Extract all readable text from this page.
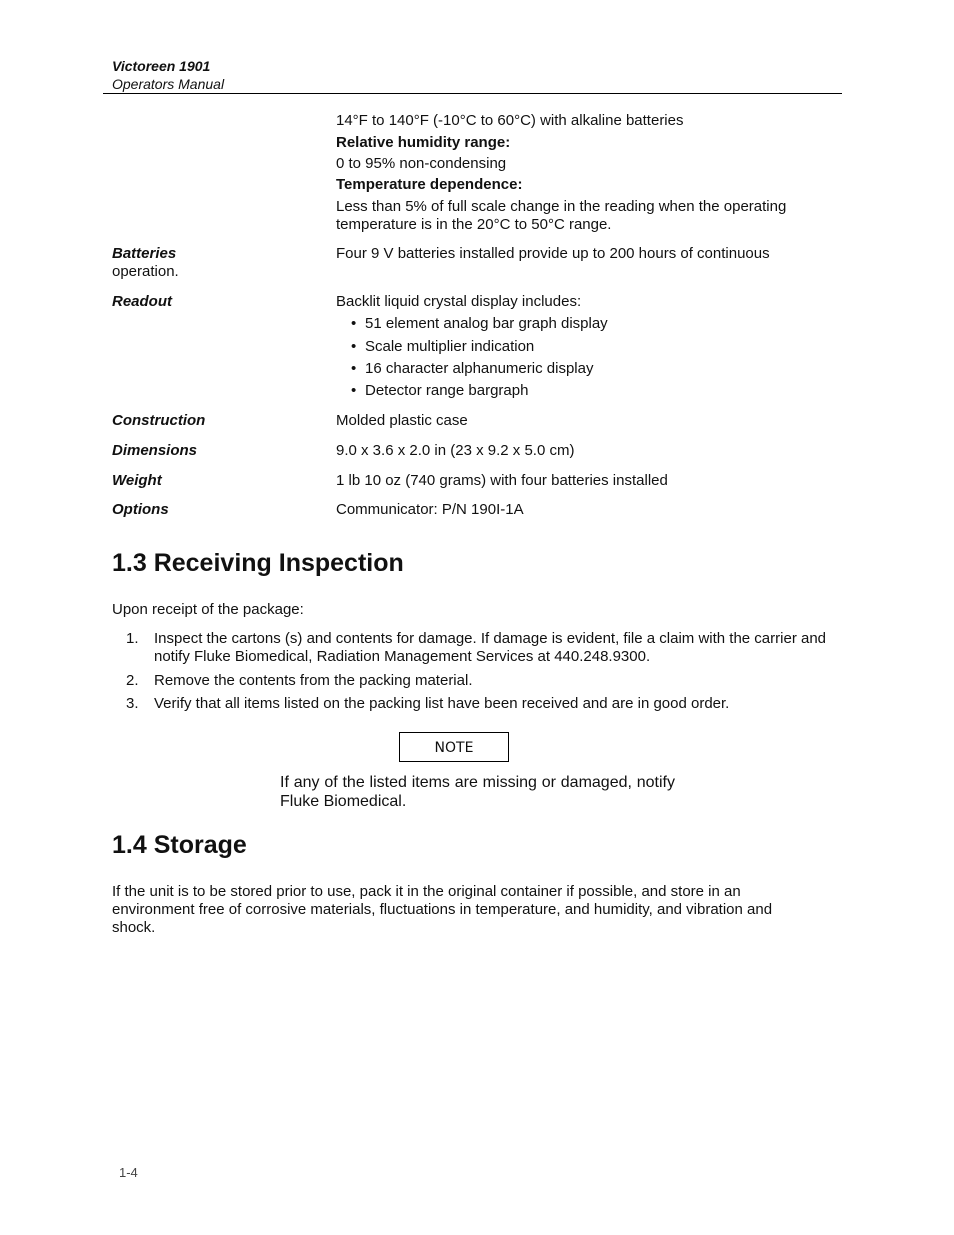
Victoreen 1901
Operators Manual
14°F to 140°F (-10°C to 60°C) with alkaline batteries
Relative humidity range:
0 to 95% non-condensing
Temperature dependence:
Less than 5% of full scale change in the reading when the operating
temperature is in the 20°C to 50°C range.
Batteries	Four 9 V batteries installed provide up to 200 hours of continuous
operation.
Readout	Backlit liquid crystal display includes:
• 51 element analog bar graph display
• Scale multiplier indication
• 16 character alphanumeric display
• Detector range bargraph
Construction	Molded plastic case
Dimensions	9.0 x 3.6 x 2.0 in (23 x 9.2 x 5.0 cm)
Weight	1 lb 10 oz (740 grams) with four batteries installed
Options	Communicator: P/N 190I-1A
1.3 Receiving Inspection
Upon receipt of the package:
1. Inspect the cartons (s) and contents for damage. If damage is evident, file a claim with the carrier and notify Fluke Biomedical, Radiation Management Services at 440.248.9300.
2. Remove the contents from the packing material.
3. Verify that all items listed on the packing list have been received and are in good order.
NOTE
If any of the listed items are missing or damaged, notify Fluke Biomedical.
1.4 Storage
If the unit is to be stored prior to use, pack it in the original container if possible, and store in an environment free of corrosive materials, fluctuations in temperature, and humidity, and vibration and shock.
1-4
